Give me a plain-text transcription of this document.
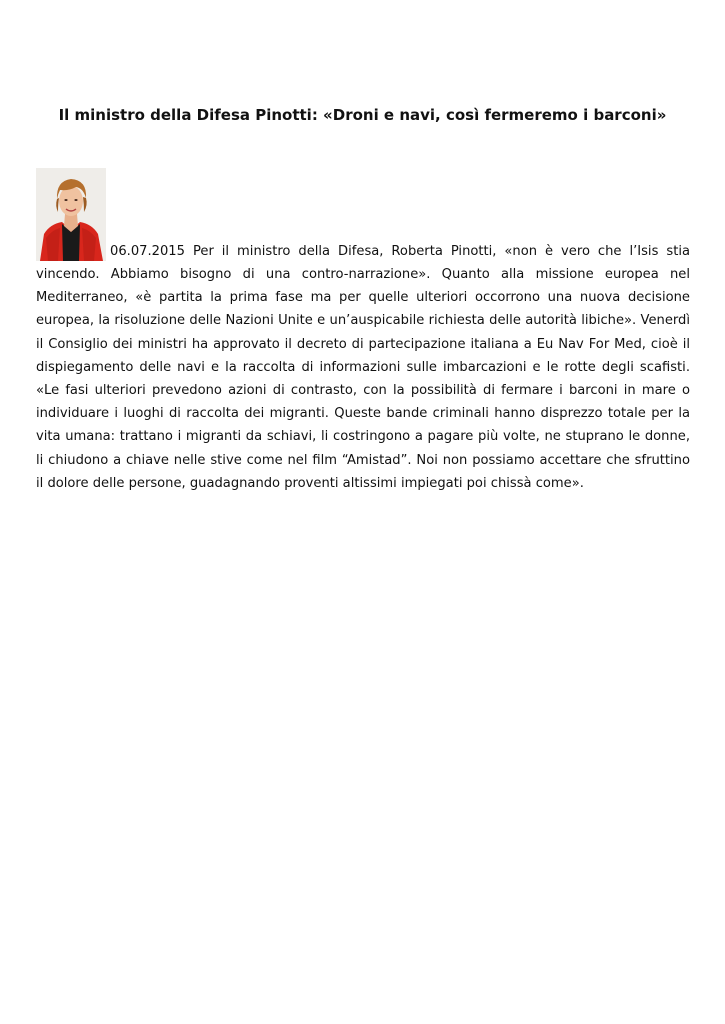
Il ministro della Difesa Pinotti: «Droni e navi, così fermeremo i barconi»

06.07.2015 Per il ministro della Difesa, Roberta Pinotti, «non è vero che l’Isis stia vincendo. Abbiamo bisogno di una contro-narrazione». Quanto alla missione europea nel Mediterraneo, «è partita la prima fase ma per quelle ulteriori occorrono una nuova decisione europea, la risoluzione delle Nazioni Unite e un’auspicabile richiesta delle autorità libiche». Venerdì il Consiglio dei ministri ha approvato il decreto di partecipazione italiana a Eu Nav For Med, cioè il dispiegamento delle navi e la raccolta di informazioni sulle imbarcazioni e le rotte degli scafisti. «Le fasi ulteriori prevedono azioni di contrasto, con la possibilità di fermare i barconi in mare o individuare i luoghi di raccolta dei migranti. Queste bande criminali hanno disprezzo totale per la vita umana: trattano i migranti da schiavi, li costringono a pagare più volte, ne stuprano le donne, li chiudono a chiave nelle stive come nel film “Amistad”. Noi non possiamo accettare che sfruttino il dolore delle persone, guadagnando proventi altissimi impiegati poi chissà come».
